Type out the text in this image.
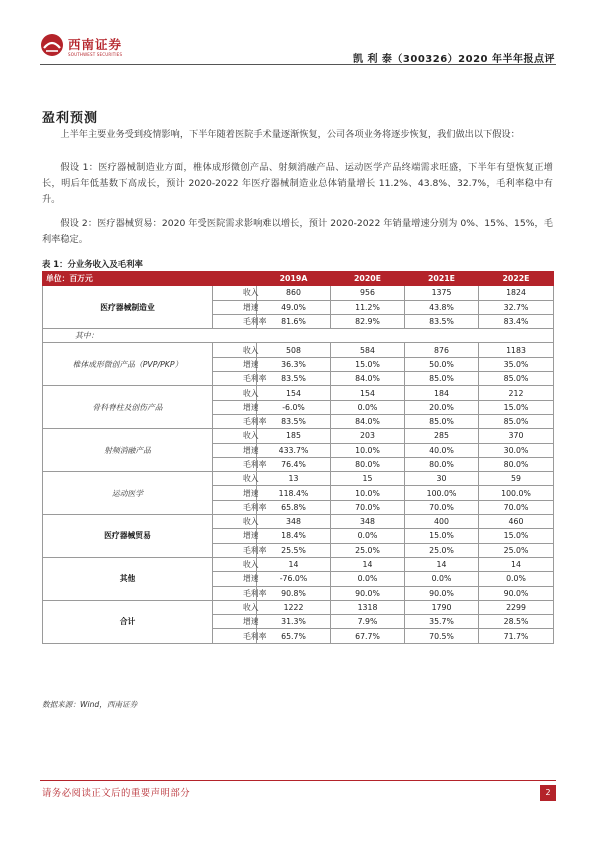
西南证券
SOUTHWEST SECURITIES	凯 利 泰（300326）2020 年半年报点评
盈利预测

上半年主要业务受到疫情影响，下半年随着医院手术量逐渐恢复，公司各项业务将逐步恢复，我们做出以下假设：

假设 1：医疗器械制造业方面，椎体成形微创产品、射频消融产品、运动医学产品终端需求旺盛，下半年有望恢复正增长，明后年低基数下高成长，预计 2020-2022 年医疗器械制造业总体销量增长 11.2%、43.8%、32.7%，毛利率稳中有升。

假设 2：医疗器械贸易：2020 年受医院需求影响难以增长，预计 2020-2022 年销量增速分别为 0%、15%、15%，毛利率稳定。

表 1：分业务收入及毛利率
单位：百万元		2019A	2020E	2021E	2022E
医疗器械制造业	收入	860	956	1375	1824
	增速	49.0%	11.2%	43.8%	32.7%
	毛利率	81.6%	82.9%	83.5%	83.4%
其中：					
椎体成形微创产品（PVP/PKP）	收入	508	584	876	1183
	增速	36.3%	15.0%	50.0%	35.0%
	毛利率	83.5%	84.0%	85.0%	85.0%
骨科脊柱及创伤产品	收入	154	154	184	212
	增速	-6.0%	0.0%	20.0%	15.0%
	毛利率	83.5%	84.0%	85.0%	85.0%
射频消融产品	收入	185	203	285	370
	增速	433.7%	10.0%	40.0%	30.0%
	毛利率	76.4%	80.0%	80.0%	80.0%
运动医学	收入	13	15	30	59
	增速	118.4%	10.0%	100.0%	100.0%
	毛利率	65.8%	70.0%	70.0%	70.0%
医疗器械贸易	收入	348	348	400	460
	增速	18.4%	0.0%	15.0%	15.0%
	毛利率	25.5%	25.0%	25.0%	25.0%
其他	收入	14	14	14	14
	增速	-76.0%	0.0%	0.0%	0.0%
	毛利率	90.8%	90.0%	90.0%	90.0%
合计	收入	1222	1318	1790	2299
	增速	31.3%	7.9%	35.7%	28.5%
	毛利率	65.7%	67.7%	70.5%	71.7%
数据来源：Wind，西南证券
请务必阅读正文后的重要声明部分	2
